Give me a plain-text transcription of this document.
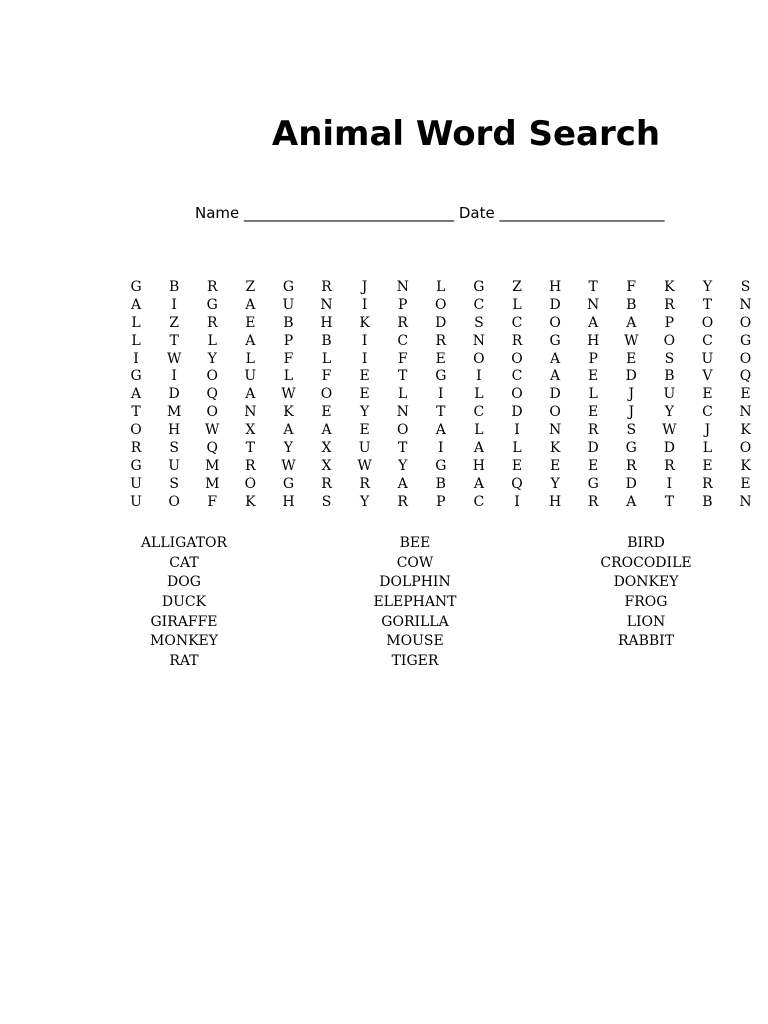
Animal Word Search
Name ____________________________ Date ______________________
G	B	R	Z	G	R	J	N	L	G	Z	H	T	F	K	Y	S
A	I	G	A	U	N	I	P	O	C	L	D	N	B	R	T	N
L	Z	R	E	B	H	K	R	D	S	C	O	A	A	P	O	O
L	T	L	A	P	B	I	C	R	N	R	G	H	W	O	C	G
I	W	Y	L	F	L	I	F	E	O	O	A	P	E	S	U	O
G	I	O	U	L	F	E	T	G	I	C	A	E	D	B	V	Q
A	D	Q	A	W	O	E	L	I	L	O	D	L	J	U	E	E
T	M	O	N	K	E	Y	N	T	C	D	O	E	J	Y	C	N
O	H	W	X	A	A	E	O	A	L	I	N	R	S	W	J	K
R	S	Q	T	Y	X	U	T	I	A	L	K	D	G	D	L	O
G	U	M	R	W	X	W	Y	G	H	E	E	E	R	R	E	K
U	S	M	O	G	R	R	A	B	A	Q	Y	G	D	I	R	E
U	O	F	K	H	S	Y	R	P	C	I	H	R	A	T	B	N
ALLIGATOR
CAT
DOG
DUCK
GIRAFFE
MONKEY
RAT
BEE
COW
DOLPHIN
ELEPHANT
GORILLA
MOUSE
TIGER
BIRD
CROCODILE
DONKEY
FROG
LION
RABBIT
